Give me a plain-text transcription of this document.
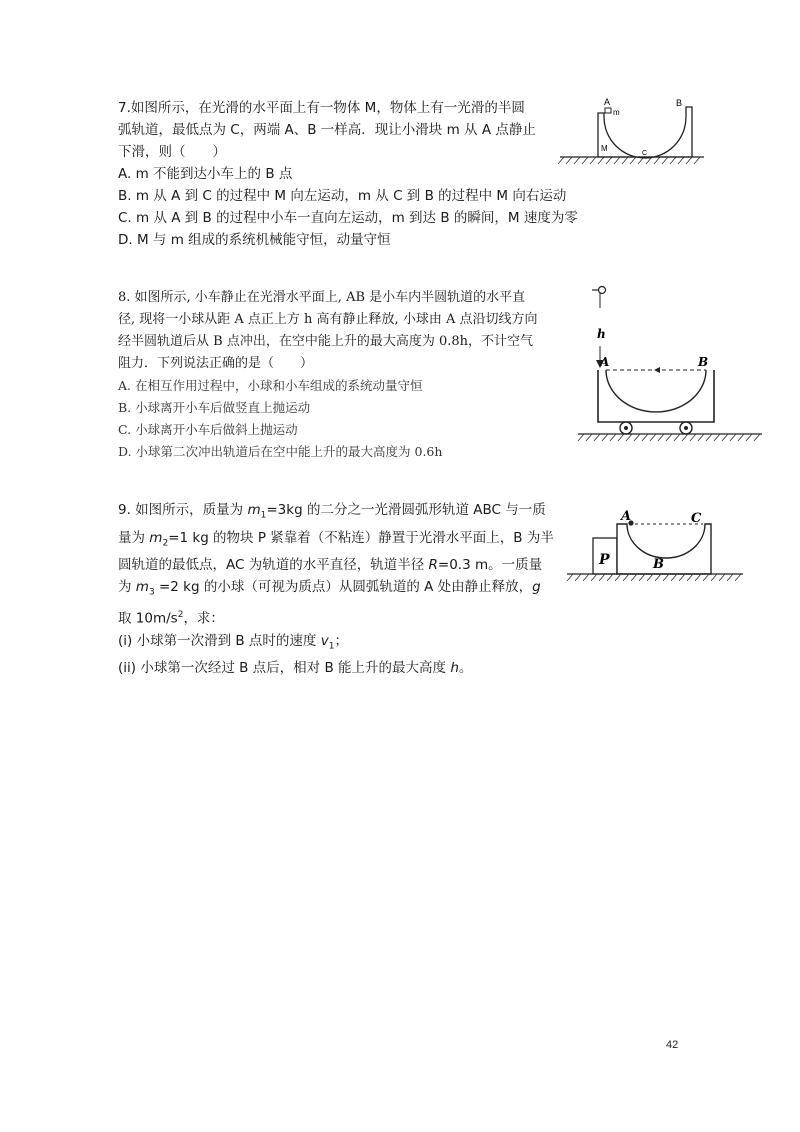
7.如图所示，在光滑的水平面上有一物体 M，物体上有一光滑的半圆

弧轨道，最低点为 C，两端 A、B 一样高．现让小滑块 m 从 A 点静止

下滑，则（　　）

A. m 不能到达小车上的 B 点

B. m 从 A 到 C 的过程中 M 向左运动，m 从 C 到 B 的过程中 M 向右运动

C. m 从 A 到 B 的过程中小车一直向左运动，m 到达 B 的瞬间，M 速度为零

D. M 与 m 组成的系统机械能守恒，动量守恒

A
m
B
M
C

8. 如图所示, 小车静止在光滑水平面上, AB 是小车内半圆轨道的水平直

径, 现将一小球从距 A 点正上方 h 高有静止释放, 小球由 A 点沿切线方向

经半圆轨道后从 B 点冲出，在空中能上升的最大高度为 0.8h，不计空气

阻力．下列说法正确的是（　　）

A. 在相互作用过程中，小球和小车组成的系统动量守恒

B. 小球离开小车后做竖直上抛运动

C. 小球离开小车后做斜上抛运动

D. 小球第二次冲出轨道后在空中能上升的最大高度为 0.6h

h
A	B

9. 如图所示，质量为 $m_1=3kg$ 的二分之一光滑圆弧形轨道 ABC 与一质

量为 $m_2=1$ kg 的物块 P 紧靠着（不粘连）静置于光滑水平面上，B 为半

圆轨道的最低点，AC 为轨道的水平直径，轨道半径 R=0.3 m。一质量

为 $m_3 =2$ kg 的小球（可视为质点）从圆弧轨道的 A 处由静止释放，g

取 $10m/s^2$，求：

(i) 小球第一次滑到 B 点时的速度 $v_1$；

(ii) 小球第一次经过 B 点后，相对 B 能上升的最大高度 h。

P
A	C
B
42
